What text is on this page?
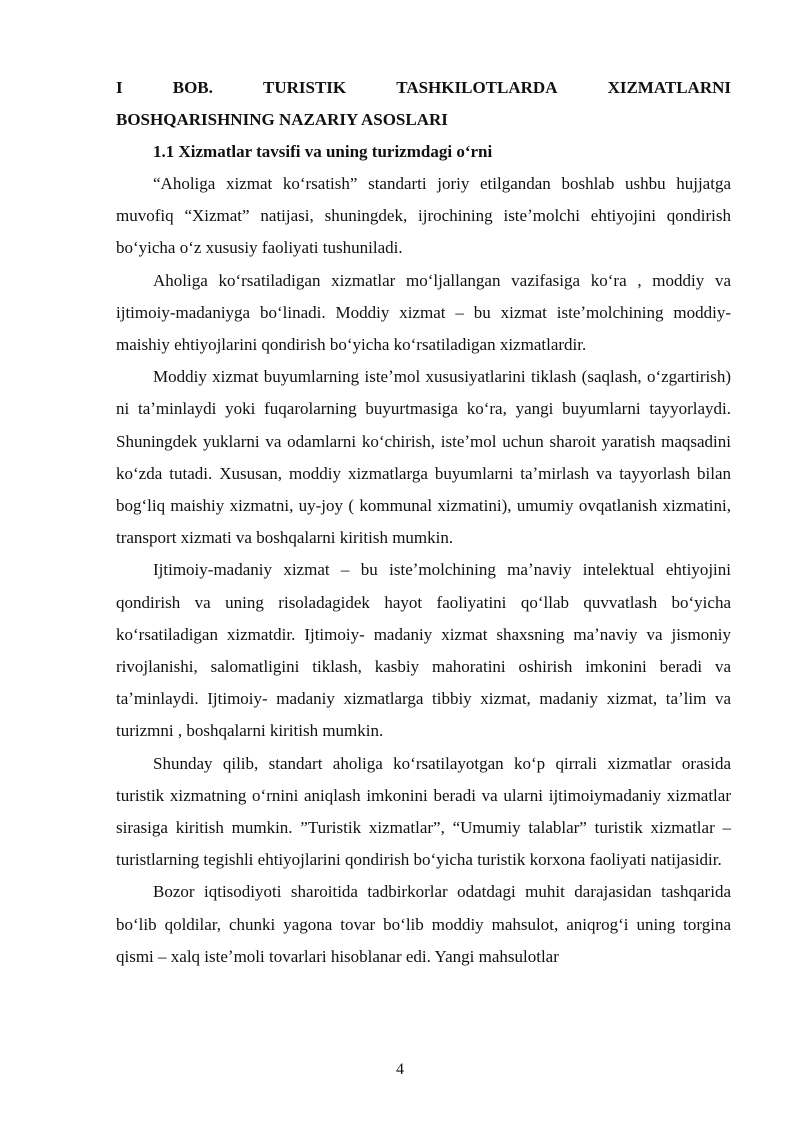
I	BOB.	TURISTIK	TASHKILOTLARDA	XIZMATLARNI
BOSHQARISHNING NAZARIY ASOSLARI
1.1 Xizmatlar tavsifi va uning turizmdagi oʻrni

“Aholiga xizmat koʻrsatish” standarti joriy etilgandan boshlab ushbu hujjatga muvofiq “Xizmat” natijasi, shuningdek, ijrochining isteʼmolchi ehtiyojini qondirish boʻyicha oʻz xususiy faoliyati tushuniladi.

Aholiga koʻrsatiladigan xizmatlar moʻljallangan vazifasiga koʻra , moddiy va ijtimoiy-madaniyga boʻlinadi. Moddiy xizmat – bu xizmat isteʼmolchining moddiy- maishiy ehtiyojlarini qondirish boʻyicha koʻrsatiladigan xizmatlardir.

Moddiy xizmat buyumlarning isteʼmol xususiyatlarini tiklash (saqlash, oʻzgartirish) ni taʼminlaydi yoki fuqarolarning buyurtmasiga koʻra, yangi buyumlarni tayyorlaydi. Shuningdek yuklarni va odamlarni koʻchirish, isteʼmol uchun sharoit yaratish maqsadini koʻzda tutadi. Xususan, moddiy xizmatlarga buyumlarni taʼmirlash va tayyorlash bilan bogʻliq maishiy xizmatni, uy-joy ( kommunal xizmatini), umumiy ovqatlanish xizmatini, transport xizmati va boshqalarni kiritish mumkin.

Ijtimoiy-madaniy xizmat – bu isteʼmolchining maʼnaviy intelektual ehtiyojini qondirish va uning risoladagidek hayot faoliyatini qoʻllab quvvatlash boʻyicha koʻrsatiladigan xizmatdir. Ijtimoiy- madaniy xizmat shaxsning maʼnaviy va jismoniy rivojlanishi, salomatligini tiklash, kasbiy mahoratini oshirish imkonini beradi va taʼminlaydi. Ijtimoiy- madaniy xizmatlarga tibbiy xizmat, madaniy xizmat, taʼlim va turizmni , boshqalarni kiritish mumkin.

Shunday qilib, standart aholiga koʻrsatilayotgan koʻp qirrali xizmatlar orasida turistik xizmatning oʻrnini aniqlash imkonini beradi va ularni ijtimoiymadaniy xizmatlar sirasiga kiritish mumkin. ”Turistik xizmatlar”, “Umumiy talablar” turistik xizmatlar – turistlarning tegishli ehtiyojlarini qondirish boʻyicha turistik korxona faoliyati natijasidir.

Bozor iqtisodiyoti sharoitida tadbirkorlar odatdagi muhit darajasidan tashqarida boʻlib qoldilar, chunki yagona tovar boʻlib moddiy mahsulot, aniqrogʻi uning torgina qismi – xalq isteʼmoli tovarlari hisoblanar edi. Yangi mahsulotlar

4
